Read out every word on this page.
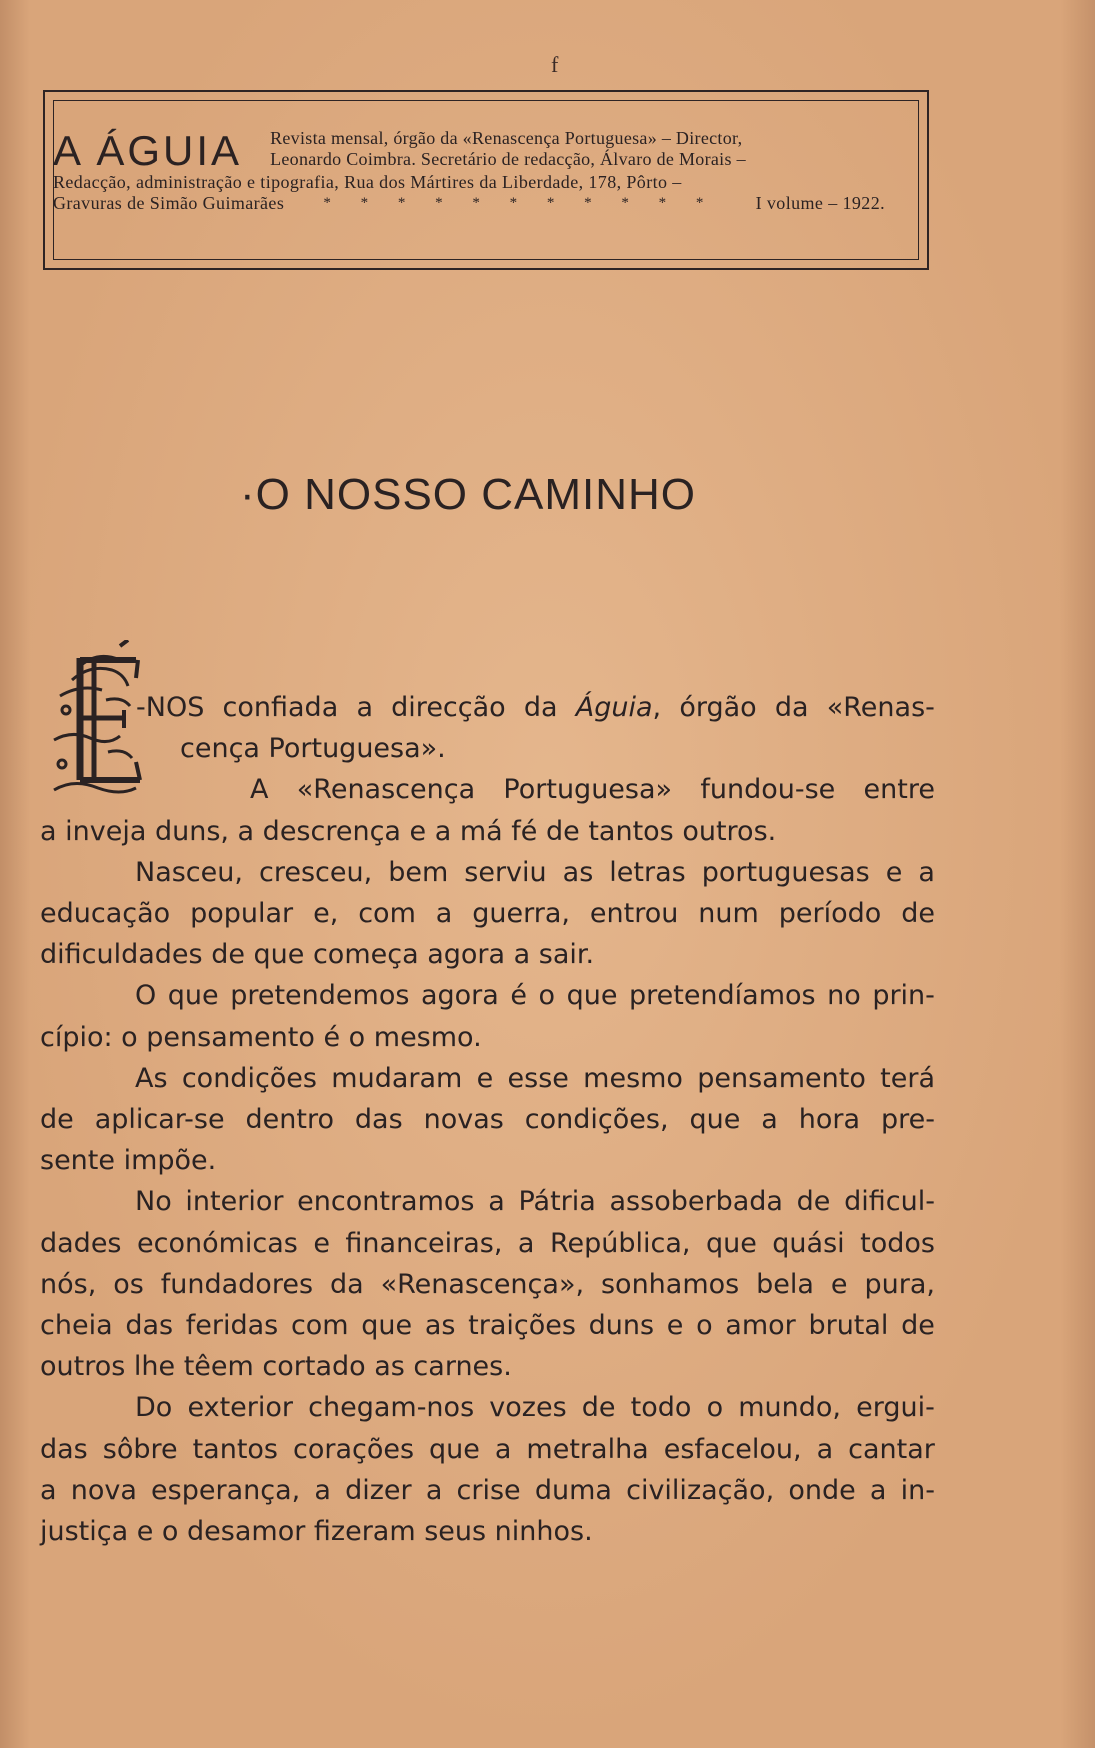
f
A ÁGUIA Revista mensal, órgão da «Renascença Portuguesa» – Director,
Leonardo Coimbra. Secretário de redacção, Álvaro de Morais –
Redacção, administração e tipografia, Rua dos Mártires da Liberdade, 178, Pôrto –
Gravuras de Simão Guimarães	* * * * * * * * * * * I volume – 1922.
·O NOSSO CAMINHO
-NOS confiada a direcção da Águia, órgão da «Renas-
cença Portuguesa».
A «Renascença Portuguesa» fundou-se entre
a inveja duns, a descrença e a má fé de tantos outros.
Nasceu, cresceu, bem serviu as letras portuguesas e a
educação popular e, com a guerra, entrou num período de
dificuldades de que começa agora a sair.
O que pretendemos agora é o que pretendíamos no prin-
cípio: o pensamento é o mesmo.
As condições mudaram e esse mesmo pensamento terá
de aplicar-se dentro das novas condições, que a hora pre-
sente impõe.
No interior encontramos a Pátria assoberbada de dificul-
dades económicas e financeiras, a República, que quási todos
nós, os fundadores da «Renascença», sonhamos bela e pura,
cheia das feridas com que as traições duns e o amor brutal de
outros lhe têem cortado as carnes.
Do exterior chegam-nos vozes de todo o mundo, ergui-
das sôbre tantos corações que a metralha esfacelou, a cantar
a nova esperança, a dizer a crise duma civilização, onde a in-
justiça e o desamor fizeram seus ninhos.
